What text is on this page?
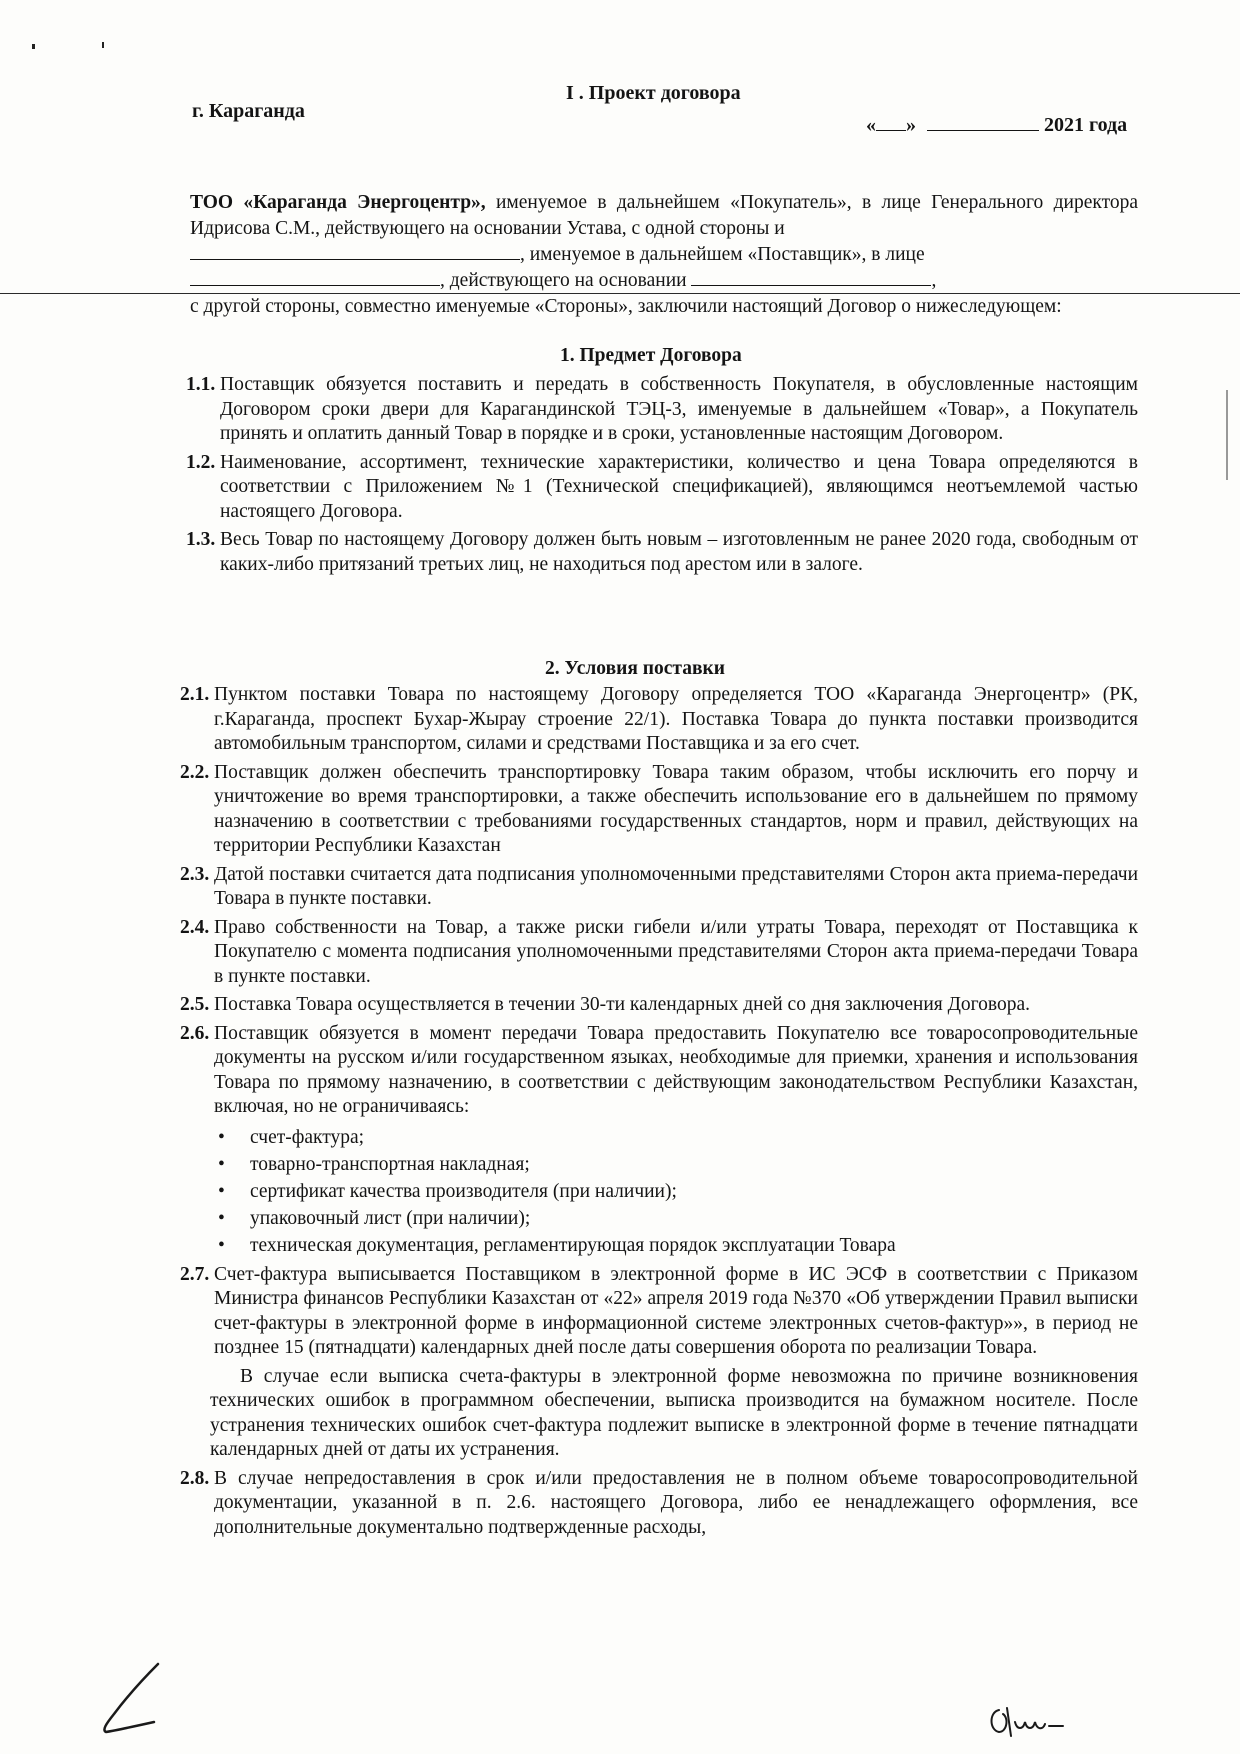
I . Проект договора

г. Караганда

« »	2021 года

ТОО «Караганда Энергоцентр», именуемое в дальнейшем «Покупатель», в лице Генерального директора Идрисова С.М., действующего на основании Устава, с одной стороны и

, именуемое в дальнейшем «Поставщик», в лице

, действующего на основании	,

с другой стороны, совместно именуемые «Стороны», заключили настоящий Договор о нижеследующем:

1. Предмет Договора

1.1. Поставщик обязуется поставить и передать в собственность Покупателя, в обусловленные настоящим Договором сроки двери для Карагандинской ТЭЦ-3, именуемые в дальнейшем «Товар», а Покупатель принять и оплатить данный Товар в порядке и в сроки, установленные настоящим Договором.
1.2. Наименование, ассортимент, технические характеристики, количество и цена Товара определяются в соответствии с Приложением №1 (Технической спецификацией), являющимся неотъемлемой частью настоящего Договора.
1.3. Весь Товар по настоящему Договору должен быть новым – изготовленным не ранее 2020 года, свободным от каких-либо притязаний третьих лиц, не находиться под арестом или в залоге.

2. Условия поставки

2.1. Пунктом поставки Товара по настоящему Договору определяется ТОО «Караганда Энергоцентр» (РК, г.Караганда, проспект Бухар-Жырау строение 22/1). Поставка Товара до пункта поставки производится автомобильным транспортом, силами и средствами Поставщика и за его счет.
2.2. Поставщик должен обеспечить транспортировку Товара таким образом, чтобы исключить его порчу и уничтожение во время транспортировки, а также обеспечить использование его в дальнейшем по прямому назначению в соответствии с требованиями государственных стандартов, норм и правил, действующих на территории Республики Казахстан
2.3. Датой поставки считается дата подписания уполномоченными представителями Сторон акта приема-передачи Товара в пункте поставки.
2.4. Право собственности на Товар, а также риски гибели и/или утраты Товара, переходят от Поставщика к Покупателю с момента подписания уполномоченными представителями Сторон акта приема-передачи Товара в пункте поставки.
2.5. Поставка Товара осуществляется в течении 30-ти календарных дней со дня заключения Договора.
2.6. Поставщик обязуется в момент передачи Товара предоставить Покупателю все товаросопроводительные документы на русском и/или государственном языках, необходимые для приемки, хранения и использования Товара по прямому назначению, в соответствии с действующим законодательством Республики Казахстан, включая, но не ограничиваясь:
• счет-фактура;
• товарно-транспортная накладная;
• сертификат качества производителя (при наличии);
• упаковочный лист (при наличии);
• техническая документация, регламентирующая порядок эксплуатации Товара
2.7. Счет-фактура выписывается Поставщиком в электронной форме в ИС ЭСФ в соответствии с Приказом Министра финансов Республики Казахстан от «22» апреля 2019 года №370 «Об утверждении Правил выписки счет-фактуры в электронной форме в информационной системе электронных счетов-фактур»», в период не позднее 15 (пятнадцати) календарных дней после даты совершения оборота по реализации Товара.

В случае если выписка счета-фактуры в электронной форме невозможна по причине возникновения технических ошибок в программном обеспечении, выписка производится на бумажном носителе. После устранения технических ошибок счет-фактура подлежит выписке в электронной форме в течение пятнадцати календарных дней от даты их устранения.

2.8. В случае непредоставления в срок и/или предоставления не в полном объеме товаросопроводительной документации, указанной в п. 2.6. настоящего Договора, либо ее ненадлежащего оформления, все дополнительные документально подтвержденные расходы,
